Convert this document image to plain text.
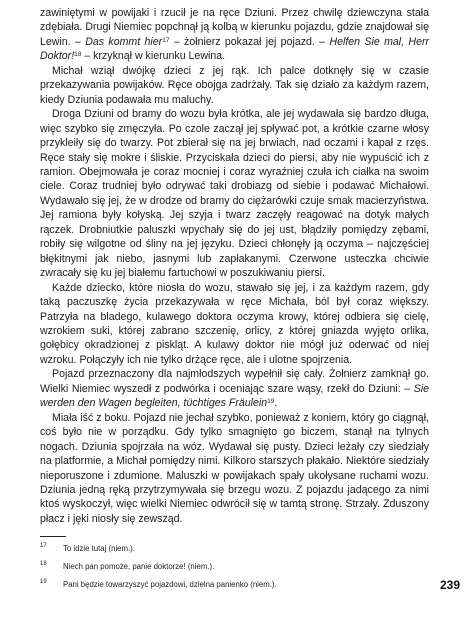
zawiniętymi w powijaki i rzucił je na ręce Dziuni. Przez chwilę dziewczyna stała zdębiała. Drugi Niemiec popchnął ją kolbą w kierunku pojazdu, gdzie znajdował się Lewin. – Das kommt hier$^{17}$ – żołnierz pokazał jej pojazd. – Helfen Sie mal, Herr Doktor!$^{18}$ – krzyknął w kierunku Lewina.

Michał wziął dwójkę dzieci z jej rąk. Ich palce dotknęły się w czasie przekazywania powijaków. Ręce obojga zadrżały. Tak się działo za każdym razem, kiedy Dziunia podawała mu maluchy.

Droga Dziuni od bramy do wozu była krótka, ale jej wydawała się bardzo długa, więc szybko się zmęczyła. Po czole zaczął jej spływać pot, a krótkie czarne włosy przykleiły się do twarzy. Pot zbierał się na jej brwiach, nad oczami i kapał z rzęs. Ręce stały się mokre i śliskie. Przyciskała dzieci do piersi, aby nie wypuścić ich z ramion. Obejmowała je coraz mocniej i coraz wyraźniej czuła ich ciałka na swoim ciele. Coraz trudniej było odrywać taki drobiazg od siebie i podawać Michałowi. Wydawało się jej, że w drodze od bramy do ciężarówki czuje smak macierzyństwa. Jej ramiona były kołyską. Jej szyja i twarz zaczęły reagować na dotyk małych rączek. Drobniutkie paluszki wpychały się do jej ust, błądziły pomiędzy zębami, robiły się wilgotne od śliny na jej języku. Dzieci chłonęły ją oczyma – najczęściej błękitnymi jak niebo, jasnymi lub zapłakanymi. Czerwone usteczka chciwie zwracały się ku jej białemu fartuchowi w poszukiwaniu piersi.

Każde dziecko, które niosła do wozu, stawało się jej, i za każdym razem, gdy taką paczuszkę życia przekazywała w ręce Michała, ból był coraz większy. Patrzyła na bladego, kulawego doktora oczyma krowy, której odbiera się cielę, wzrokiem suki, której zabrano szczenię, orlicy, z której gniazda wyjęto orlika, gołębicy okradzionej z piskląt. A kulawy doktor nie mógł już oderwać od niej wzroku. Połączyły ich nie tylko drżące ręce, ale i ulotne spojrzenia.

Pojazd przeznaczony dla najmłodszych wypełnił się cały. Żołnierz zamknął go. Wielki Niemiec wyszedł z podwórka i oceniając szare wąsy, rzekł do Dziuni: – Sie werden den Wagen begleiten, tüchtiges Fräulein$^{19}$.

Miała iść z boku. Pojazd nie jechał szybko, ponieważ z koniem, który go ciągnął, coś było nie w porządku. Gdy tylko smagnięto go biczem, stanął na tylnych nogach. Dziunia spojrzała na wóz. Wydawał się pusty. Dzieci leżały czy siedziały na platformie, a Michał pomiędzy nimi. Kilkoro starszych płakało. Niektóre siedziały nieporuszone i zdumione. Maluszki w powijakach spały ukołysane ruchami wozu. Dziunia jedną ręką przytrzymywała się brzegu wozu. Z pojazdu jadącego za nimi ktoś wyskoczył, więc wielki Niemiec odwrócił się w tamtą stronę. Strzały. Zduszony płacz i jęki niosły się zewsząd.

17 To idzie tutaj (niem.).
18 Niech pan pomoże, panie doktorze! (niem.).
19 Pani będzie towarzyszyć pojazdowi, dzielna panienko (niem.).	239
